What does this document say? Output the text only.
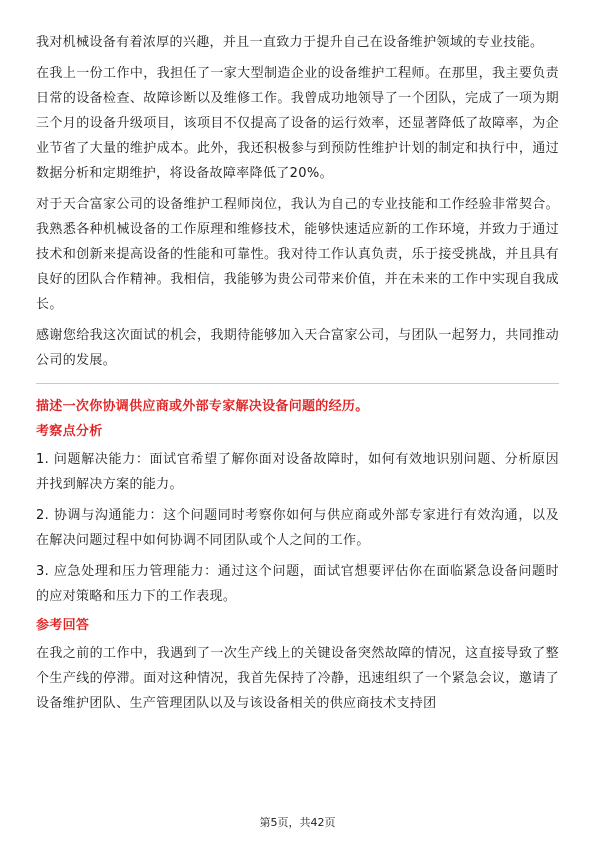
我对机械设备有着浓厚的兴趣，并且一直致力于提升自己在设备维护领域的专业技能。

在我上一份工作中，我担任了一家大型制造企业的设备维护工程师。在那里，我主要负责日常的设备检查、故障诊断以及维修工作。我曾成功地领导了一个团队，完成了一项为期三个月的设备升级项目，该项目不仅提高了设备的运行效率，还显著降低了故障率，为企业节省了大量的维护成本。此外，我还积极参与到预防性维护计划的制定和执行中，通过数据分析和定期维护，将设备故障率降低了20%。

对于天合富家公司的设备维护工程师岗位，我认为自己的专业技能和工作经验非常契合。我熟悉各种机械设备的工作原理和维修技术，能够快速适应新的工作环境，并致力于通过技术和创新来提高设备的性能和可靠性。我对待工作认真负责，乐于接受挑战，并且具有良好的团队合作精神。我相信，我能够为贵公司带来价值，并在未来的工作中实现自我成长。

感谢您给我这次面试的机会，我期待能够加入天合富家公司，与团队一起努力，共同推动公司的发展。

描述一次你协调供应商或外部专家解决设备问题的经历。

考察点分析

1. 问题解决能力：面试官希望了解你面对设备故障时，如何有效地识别问题、分析原因并找到解决方案的能力。

2. 协调与沟通能力：这个问题同时考察你如何与供应商或外部专家进行有效沟通，以及在解决问题过程中如何协调不同团队或个人之间的工作。

3. 应急处理和压力管理能力：通过这个问题，面试官想要评估你在面临紧急设备问题时的应对策略和压力下的工作表现。

参考回答

在我之前的工作中，我遇到了一次生产线上的关键设备突然故障的情况，这直接导致了整个生产线的停滞。面对这种情况，我首先保持了冷静，迅速组织了一个紧急会议，邀请了设备维护团队、生产管理团队以及与该设备相关的供应商技术支持团

第5页，共42页
